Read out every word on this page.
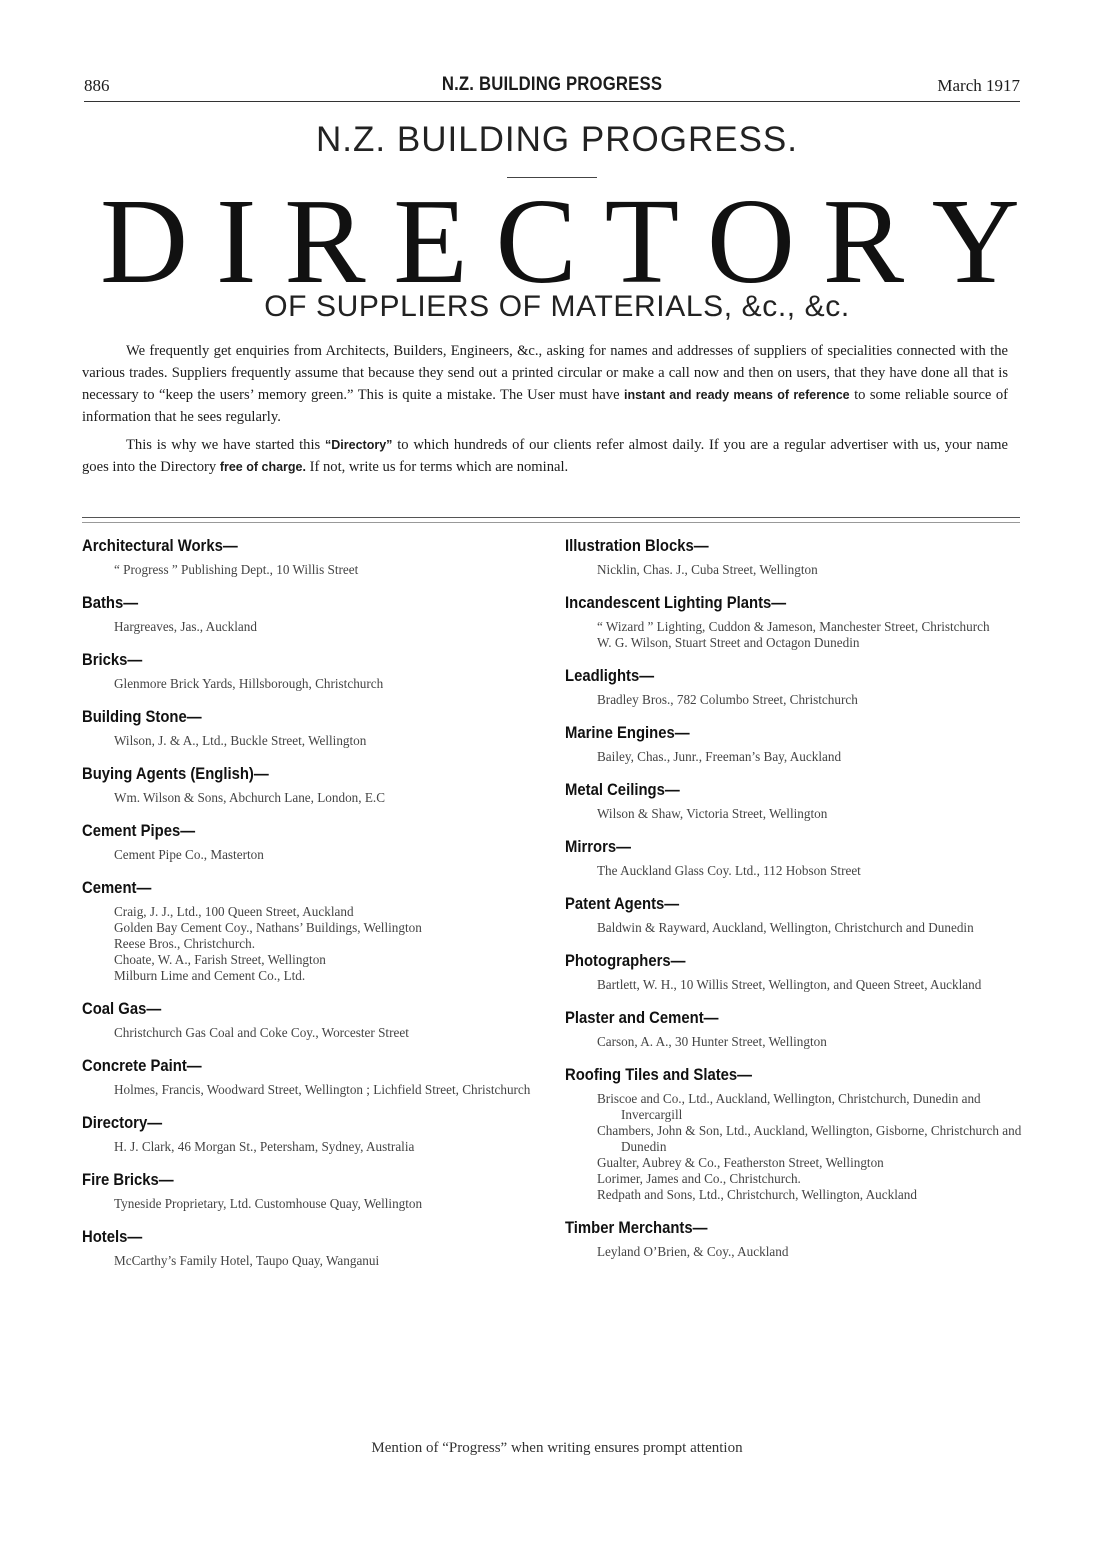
886	N.Z. BUILDING PROGRESS	March 1917
N.Z. BUILDING PROGRESS.
D I R E C T O R Y
OF SUPPLIERS OF MATERIALS, &c., &c.

We frequently get enquiries from Architects, Builders, Engineers, &c., asking for names and addresses of suppliers of specialities connected with the various trades. Suppliers frequently assume that because they send out a printed circular or make a call now and then on users, that they have done all that is necessary to “keep the users’ memory green.” This is quite a mistake. The User must have instant and ready means of reference to some reliable source of information that he sees regularly.

This is why we have started this “Directory” to which hundreds of our clients refer almost daily. If you are a regular advertiser with us, your name goes into the Directory free of charge. If not, write us for terms which are nominal.

Architectural Works—
“ Progress ” Publishing Dept., 10 Willis Street
Baths—
Hargreaves, Jas., Auckland
Bricks—
Glenmore Brick Yards, Hillsborough, Christchurch
Building Stone—
Wilson, J. & A., Ltd., Buckle Street, Wellington
Buying Agents (English)—
Wm. Wilson & Sons, Abchurch Lane, London, E.C
Cement Pipes—
Cement Pipe Co., Masterton
Cement—
Craig, J. J., Ltd., 100 Queen Street, Auckland
Golden Bay Cement Coy., Nathans’ Buildings, Wellington
Reese Bros., Christchurch.
Choate, W. A., Farish Street, Wellington
Milburn Lime and Cement Co., Ltd.
Coal Gas—
Christchurch Gas Coal and Coke Coy., Worcester Street
Concrete Paint—
Holmes, Francis, Woodward Street, Wellington ; Lichfield Street, Christchurch
Directory—
H. J. Clark, 46 Morgan St., Petersham, Sydney, Australia
Fire Bricks—
Tyneside Proprietary, Ltd. Customhouse Quay, Wellington
Hotels—
McCarthy’s Family Hotel, Taupo Quay, Wanganui
Illustration Blocks—
Nicklin, Chas. J., Cuba Street, Wellington
Incandescent Lighting Plants—
“ Wizard ” Lighting, Cuddon & Jameson, Manchester Street, Christchurch
W. G. Wilson, Stuart Street and Octagon Dunedin
Leadlights—
Bradley Bros., 782 Columbo Street, Christchurch
Marine Engines—
Bailey, Chas., Junr., Freeman’s Bay, Auckland
Metal Ceilings—
Wilson & Shaw, Victoria Street, Wellington
Mirrors—
The Auckland Glass Coy. Ltd., 112 Hobson Street
Patent Agents—
Baldwin & Rayward, Auckland, Wellington, Christchurch and Dunedin
Photographers—
Bartlett, W. H., 10 Willis Street, Wellington, and Queen Street, Auckland
Plaster and Cement—
Carson, A. A., 30 Hunter Street, Wellington
Roofing Tiles and Slates—
Briscoe and Co., Ltd., Auckland, Wellington, Christchurch, Dunedin and Invercargill
Chambers, John & Son, Ltd., Auckland, Wellington, Gisborne, Christchurch and Dunedin
Gualter, Aubrey & Co., Featherston Street, Wellington
Lorimer, James and Co., Christchurch.
Redpath and Sons, Ltd., Christchurch, Wellington, Auckland
Timber Merchants—
Leyland O’Brien, & Coy., Auckland
Mention of “Progress” when writing ensures prompt attention
